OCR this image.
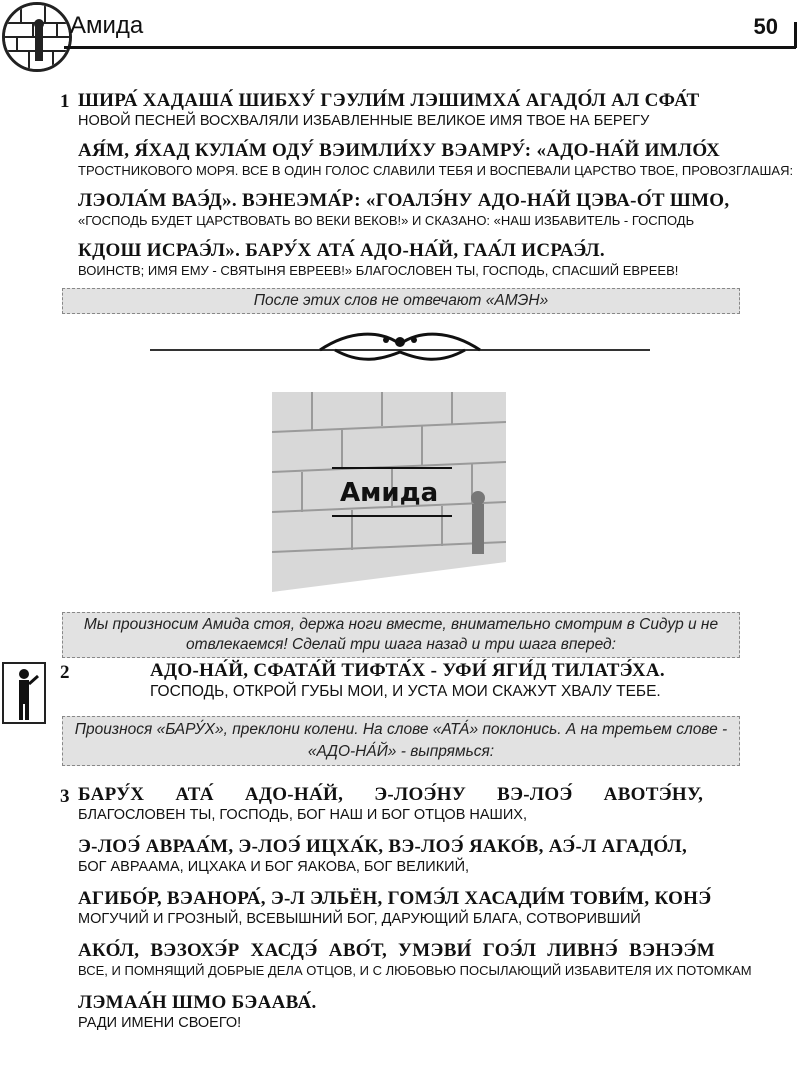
Амида	50
1 ШИРА́ ХАДАША́ ШИБХУ́ ГЭУЛИ́М ЛЭШИМХА́ АГАДО́Л АЛ СФА́Т
НОВОЙ ПЕСНЕЙ ВОСХВАЛЯЛИ ИЗБАВЛЕННЫЕ ВЕЛИКОЕ ИМЯ ТВОЕ НА БЕРЕГУ
АЯ́М, Я́ХАД КУЛА́М ОДУ́ ВЭИМЛИ́ХУ ВЭАМРУ́: «АДО-НА́Й ИМЛО́Х
ТРОСТНИКОВОГО МОРЯ. ВСЕ В ОДИН ГОЛОС СЛАВИЛИ ТЕБЯ И ВОСПЕВАЛИ ЦАРСТВО ТВОЕ, ПРОВОЗГЛАШАЯ:
ЛЭОЛА́М ВАЭ́Д». ВЭНЕЭМА́Р: «ГОАЛЭ́НУ АДО-НА́Й ЦЭВА-О́Т ШМО,
«ГОСПОДЬ БУДЕТ ЦАРСТВОВАТЬ ВО ВЕКИ ВЕКОВ!» И СКАЗАНО: «НАШ ИЗБАВИТЕЛЬ - ГОСПОДЬ
КДОШ ИСРАЭ́Л». БАРУ́Х АТА́ АДО-НА́Й, ГАА́Л ИСРАЭ́Л.
ВОИНСТВ; ИМЯ ЕМУ - СВЯТЫНЯ ЕВРЕЕВ!» БЛАГОСЛОВЕН ТЫ, ГОСПОДЬ, СПАСШИЙ ЕВРЕЕВ!
После этих слов не отвечают «АМЭН»
Амида
Мы произносим Амида стоя, держа ноги вместе, внимательно смотрим в Сидур и не отвлекаемся! Сделай три шага назад и три шага вперед:
2	АДО-НА́Й, СФАТА́Й ТИФТА́Х - УФИ́ ЯГИ́Д ТИЛАТЭ́ХА.
ГОСПОДЬ, ОТКРОЙ ГУБЫ МОИ, И УСТА МОИ СКАЖУТ ХВАЛУ ТЕБЕ.
Произнося «БАРУ́Х», преклони колени. На слове «АТА́» поклонись. А на третьем слове - «АДО-НА́Й» - выпрямься:
3 БАРУ́Х АТА́ АДО-НА́Й, Э-ЛОЭ́НУ ВЭ-ЛОЭ́ АВОТЭ́НУ,
БЛАГОСЛОВЕН ТЫ, ГОСПОДЬ, БОГ НАШ И БОГ ОТЦОВ НАШИХ,
Э-ЛОЭ́ АВРАА́М, Э-ЛОЭ́ ИЦХА́К, ВЭ-ЛОЭ́ ЯАКО́В, АЭ́-Л АГАДО́Л,
БОГ АВРААМА, ИЦХАКА И БОГ ЯАКОВА, БОГ ВЕЛИКИЙ,
АГИБО́Р, ВЭАНОРА́, Э-Л ЭЛЬЁН, ГОМЭ́Л ХАСАДИ́М ТОВИ́М, КОНЭ́
МОГУЧИЙ И ГРОЗНЫЙ, ВСЕВЫШНИЙ БОГ, ДАРУЮЩИЙ БЛАГА, СОТВОРИВШИЙ
АКО́Л, ВЭЗОХЭ́Р ХАСДЭ́ АВО́Т, УМЭВИ́ ГОЭ́Л ЛИВНЭ́ ВЭНЭЭ́М
ВСЕ, И ПОМНЯЩИЙ ДОБРЫЕ ДЕЛА ОТЦОВ, И С ЛЮБОВЬЮ ПОСЫЛАЮЩИЙ ИЗБАВИТЕЛЯ ИХ ПОТОМКАМ
ЛЭМАА́Н ШМО БЭААВА́.
РАДИ ИМЕНИ СВОЕГО!
